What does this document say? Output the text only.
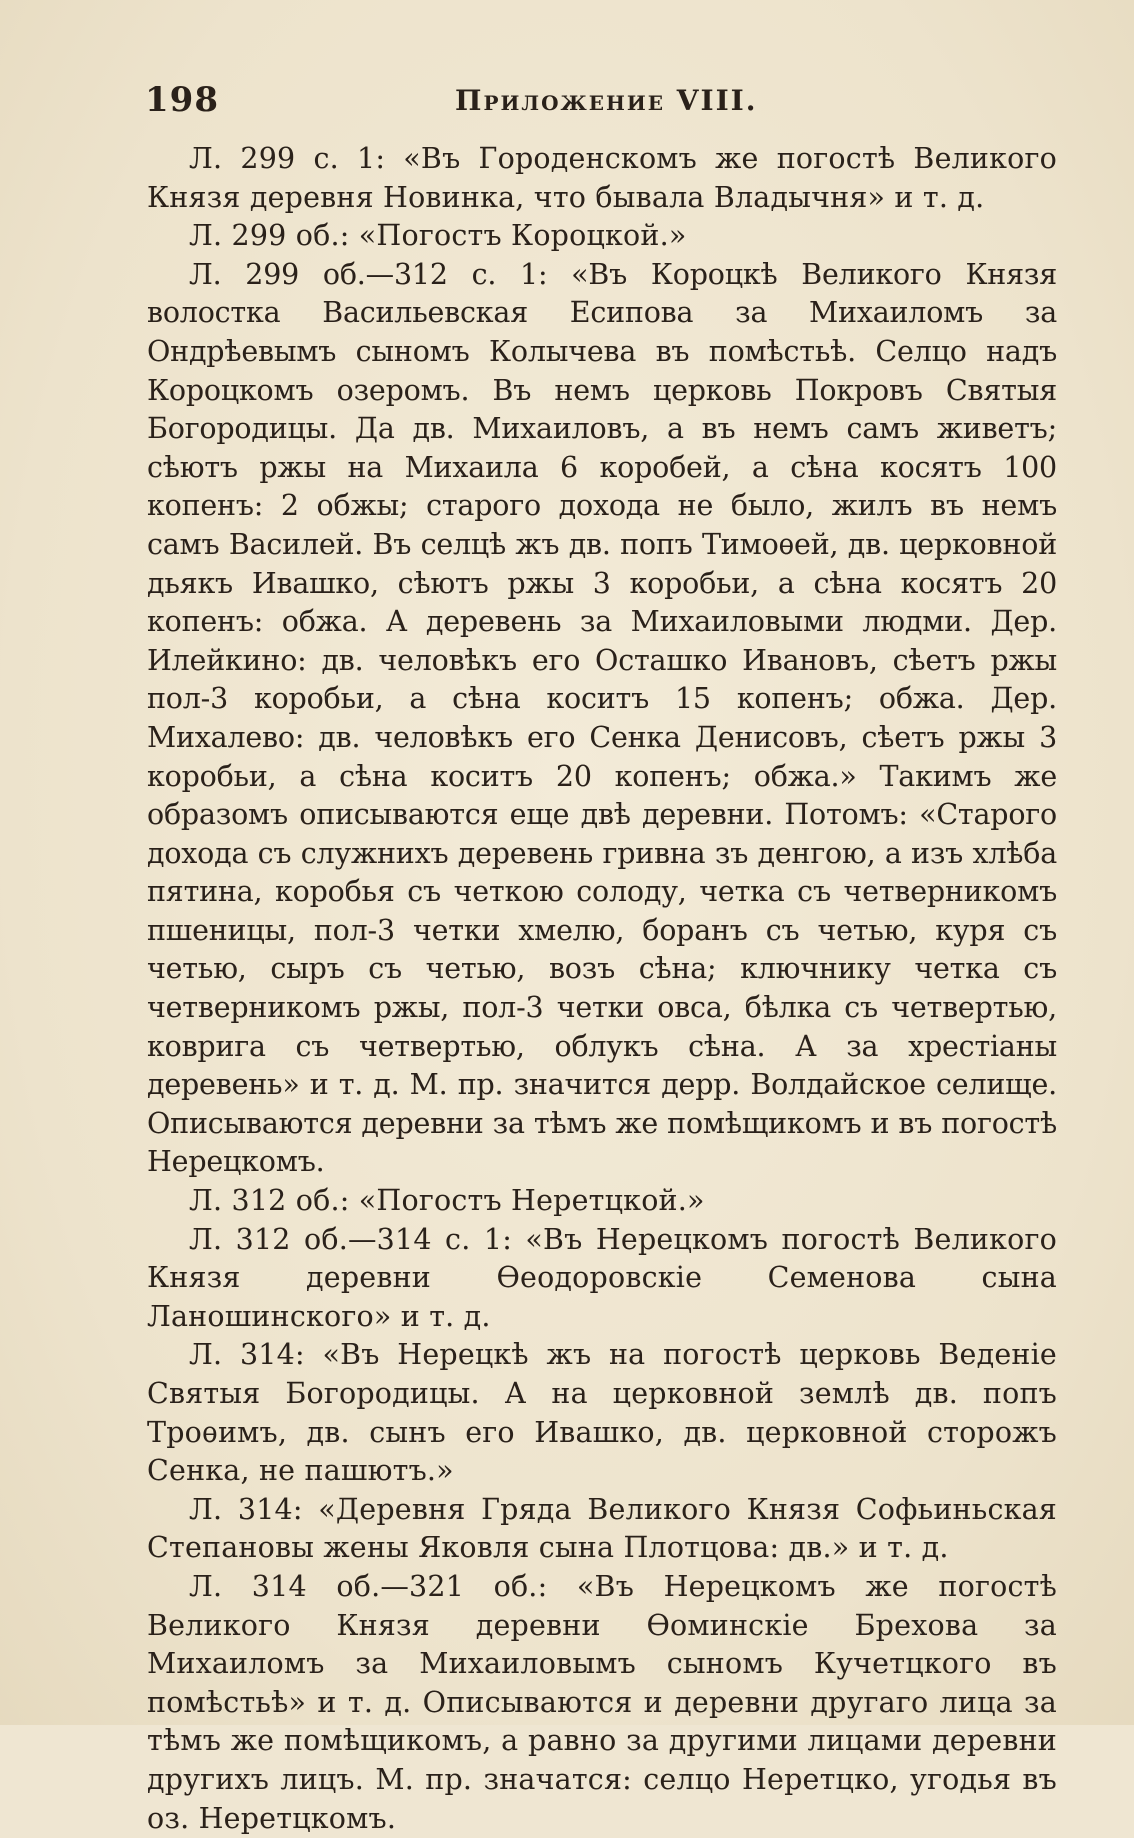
198	Приложение VIII.

Л. 299 с. 1: «Въ Городенскомъ же погостѣ Великого Князя деревня Новинка, что бывала Владычня» и т. д.

Л. 299 об.: «Погостъ Короцкой.»

Л. 299 об.—312 с. 1: «Въ Короцкѣ Великого Князя волостка Васильевская Есипова за Михаиломъ за Ондрѣевымъ сыномъ Колычева въ помѣстьѣ. Селцо надъ Короцкомъ озеромъ. Въ немъ церковь Покровъ Святыя Богородицы. Да дв. Михаиловъ, а въ немъ самъ живетъ; сѣютъ ржы на Михаила 6 коробей, а сѣна косятъ 100 копенъ: 2 обжы; старого дохода не было, жилъ въ немъ самъ Василей. Въ селцѣ жъ дв. попъ Тимоѳей, дв. церковной дьякъ Ивашко, сѣютъ ржы 3 коробьи, а сѣна косятъ 20 копенъ: обжа. А деревень за Михаиловыми людми. Дер. Илейкино: дв. человѣкъ его Осташко Ивановъ, сѣетъ ржы пол-3 коробьи, а сѣна коситъ 15 копенъ; обжа. Дер. Михалево: дв. человѣкъ его Сенка Денисовъ, сѣетъ ржы 3 коробьи, а сѣна коситъ 20 копенъ; обжа.» Такимъ же образомъ описываются еще двѣ деревни. Потомъ: «Старого дохода съ служнихъ деревень гривна зъ денгою, а изъ хлѣба пятина, коробья съ четкою солоду, четка съ четверникомъ пшеницы, пол-3 четки хмелю, боранъ съ четью, куря съ четью, сыръ съ четью, возъ сѣна; ключнику четка съ четверникомъ ржы, пол-3 четки овса, бѣлка съ четвертью, коврига съ четвертью, облукъ сѣна. А за хрестіаны деревень» и т. д. М. пр. значится дерр. Волдайское селище. Описываются деревни за тѣмъ же помѣщикомъ и въ погостѣ Нерецкомъ.

Л. 312 об.: «Погостъ Неретцкой.»

Л. 312 об.—314 с. 1: «Въ Нерецкомъ погостѣ Великого Князя деревни Ѳеодоровскіе Семенова сына Ланошинского» и т. д.

Л. 314: «Въ Нерецкѣ жъ на погостѣ церковь Веденіе Святыя Богородицы. А на церковной землѣ дв. попъ Троѳимъ, дв. сынъ его Ивашко, дв. церковной сторожъ Сенка, не пашютъ.»

Л. 314: «Деревня Гряда Великого Князя Софьиньская Степановы жены Яковля сына Плотцова: дв.» и т. д.

Л. 314 об.—321 об.: «Въ Нерецкомъ же погостѣ Великого Князя деревни Ѳоминскіе Брехова за Михаиломъ за Михаиловымъ сыномъ Кучетцкого въ помѣстьѣ» и т. д. Описываются и деревни другаго лица за тѣмъ же помѣщикомъ, а равно за другими лицами деревни другихъ лицъ. М. пр. значатся: селцо Неретцко, угодья въ оз. Неретцкомъ.
